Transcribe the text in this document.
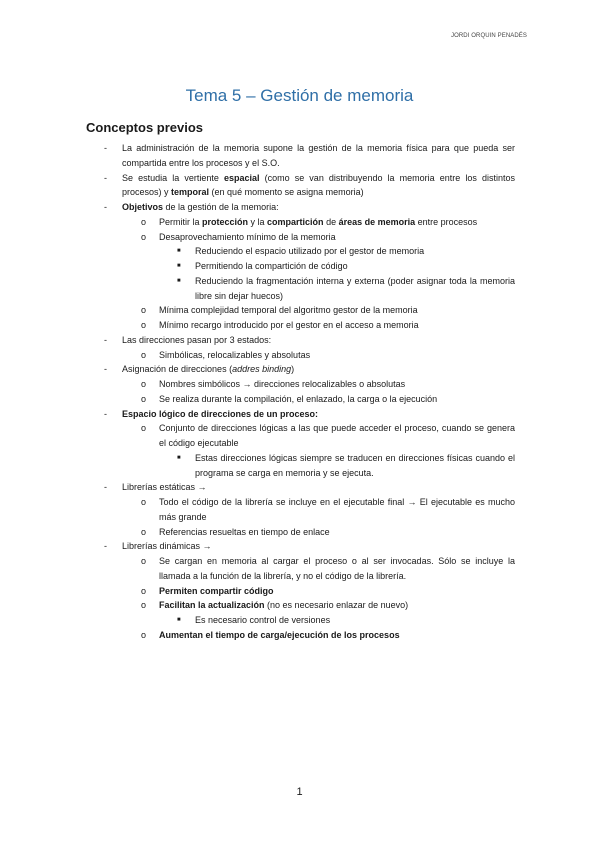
JORDI ORQUIN PENADÉS
Tema 5 – Gestión de memoria
Conceptos previos
- La administración de la memoria supone la gestión de la memoria física para que pueda ser compartida entre los procesos y el S.O.
- Se estudia la vertiente espacial (como se van distribuyendo la memoria entre los distintos procesos) y temporal (en qué momento se asigna memoria)
- Objetivos de la gestión de la memoria:
o Permitir la protección y la compartición de áreas de memoria entre procesos
o Desaprovechamiento mínimo de la memoria
■ Reduciendo el espacio utilizado por el gestor de memoria
■ Permitiendo la compartición de código
■ Reduciendo la fragmentación interna y externa (poder asignar toda la memoria libre sin dejar huecos)
o Mínima complejidad temporal del algoritmo gestor de la memoria
o Mínimo recargo introducido por el gestor en el acceso a memoria
- Las direcciones pasan por 3 estados:
o Simbólicas, relocalizables y absolutas
- Asignación de direcciones (addres binding)
o Nombres simbólicos → direcciones relocalizables o absolutas
o Se realiza durante la compilación, el enlazado, la carga o la ejecución
- Espacio lógico de direcciones de un proceso:
o Conjunto de direcciones lógicas a las que puede acceder el proceso, cuando se genera el código ejecutable
■ Estas direcciones lógicas siempre se traducen en direcciones físicas cuando el programa se carga en memoria y se ejecuta.
- Librerías estáticas →
o Todo el código de la librería se incluye en el ejecutable final → El ejecutable es mucho más grande
o Referencias resueltas en tiempo de enlace
- Librerías dinámicas →
o Se cargan en memoria al cargar el proceso o al ser invocadas. Sólo se incluye la llamada a la función de la librería, y no el código de la librería.
o Permiten compartir código
o Facilitan la actualización (no es necesario enlazar de nuevo)
■ Es necesario control de versiones
o Aumentan el tiempo de carga/ejecución de los procesos
1
